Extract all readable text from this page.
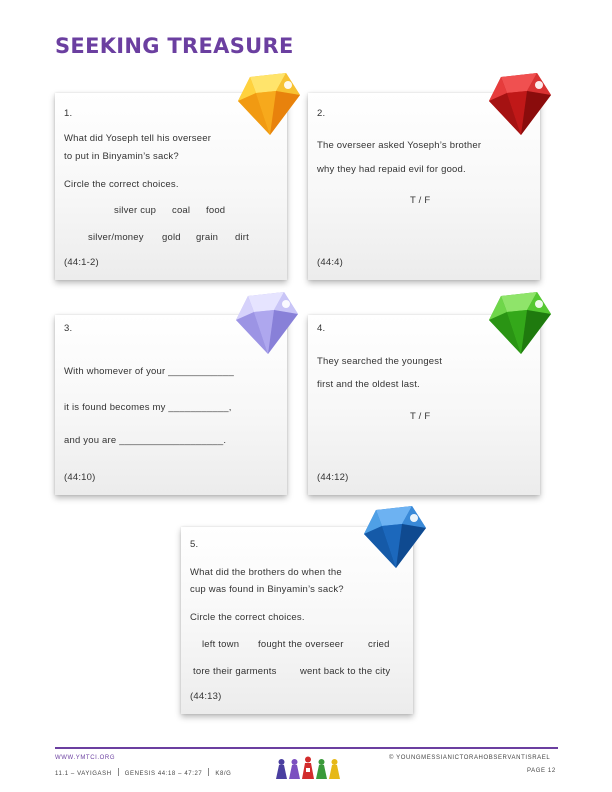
SEEKING TREASURE
1.
What did Yoseph tell his overseer
to put in Binyamin’s sack?
Circle the correct choices.
silver cup coal food
silver/money gold grain dirt
(44:1-2)
2.
The overseer asked Yoseph’s brother
why they had repaid evil for good.
T / F
(44:4)
3.
With whomever of your ____________
it is found becomes my ___________,
and you are ___________________.
(44:10)
4.
They searched the youngest
first and the oldest last.
T / F
(44:12)
5.
What did the brothers do when the
cup was found in Binyamin’s sack?
Circle the correct choices.
left town fought the overseer	cried
tore their garments went back to the city
(44:13)
WWW.YMTCI.ORG
11.1 – VAYIGASH GENESIS 44:18 – 47:27 K8/G
© YOUNGMESSIANICTORAHOBSERVANTISRAEL
PAGE 12
